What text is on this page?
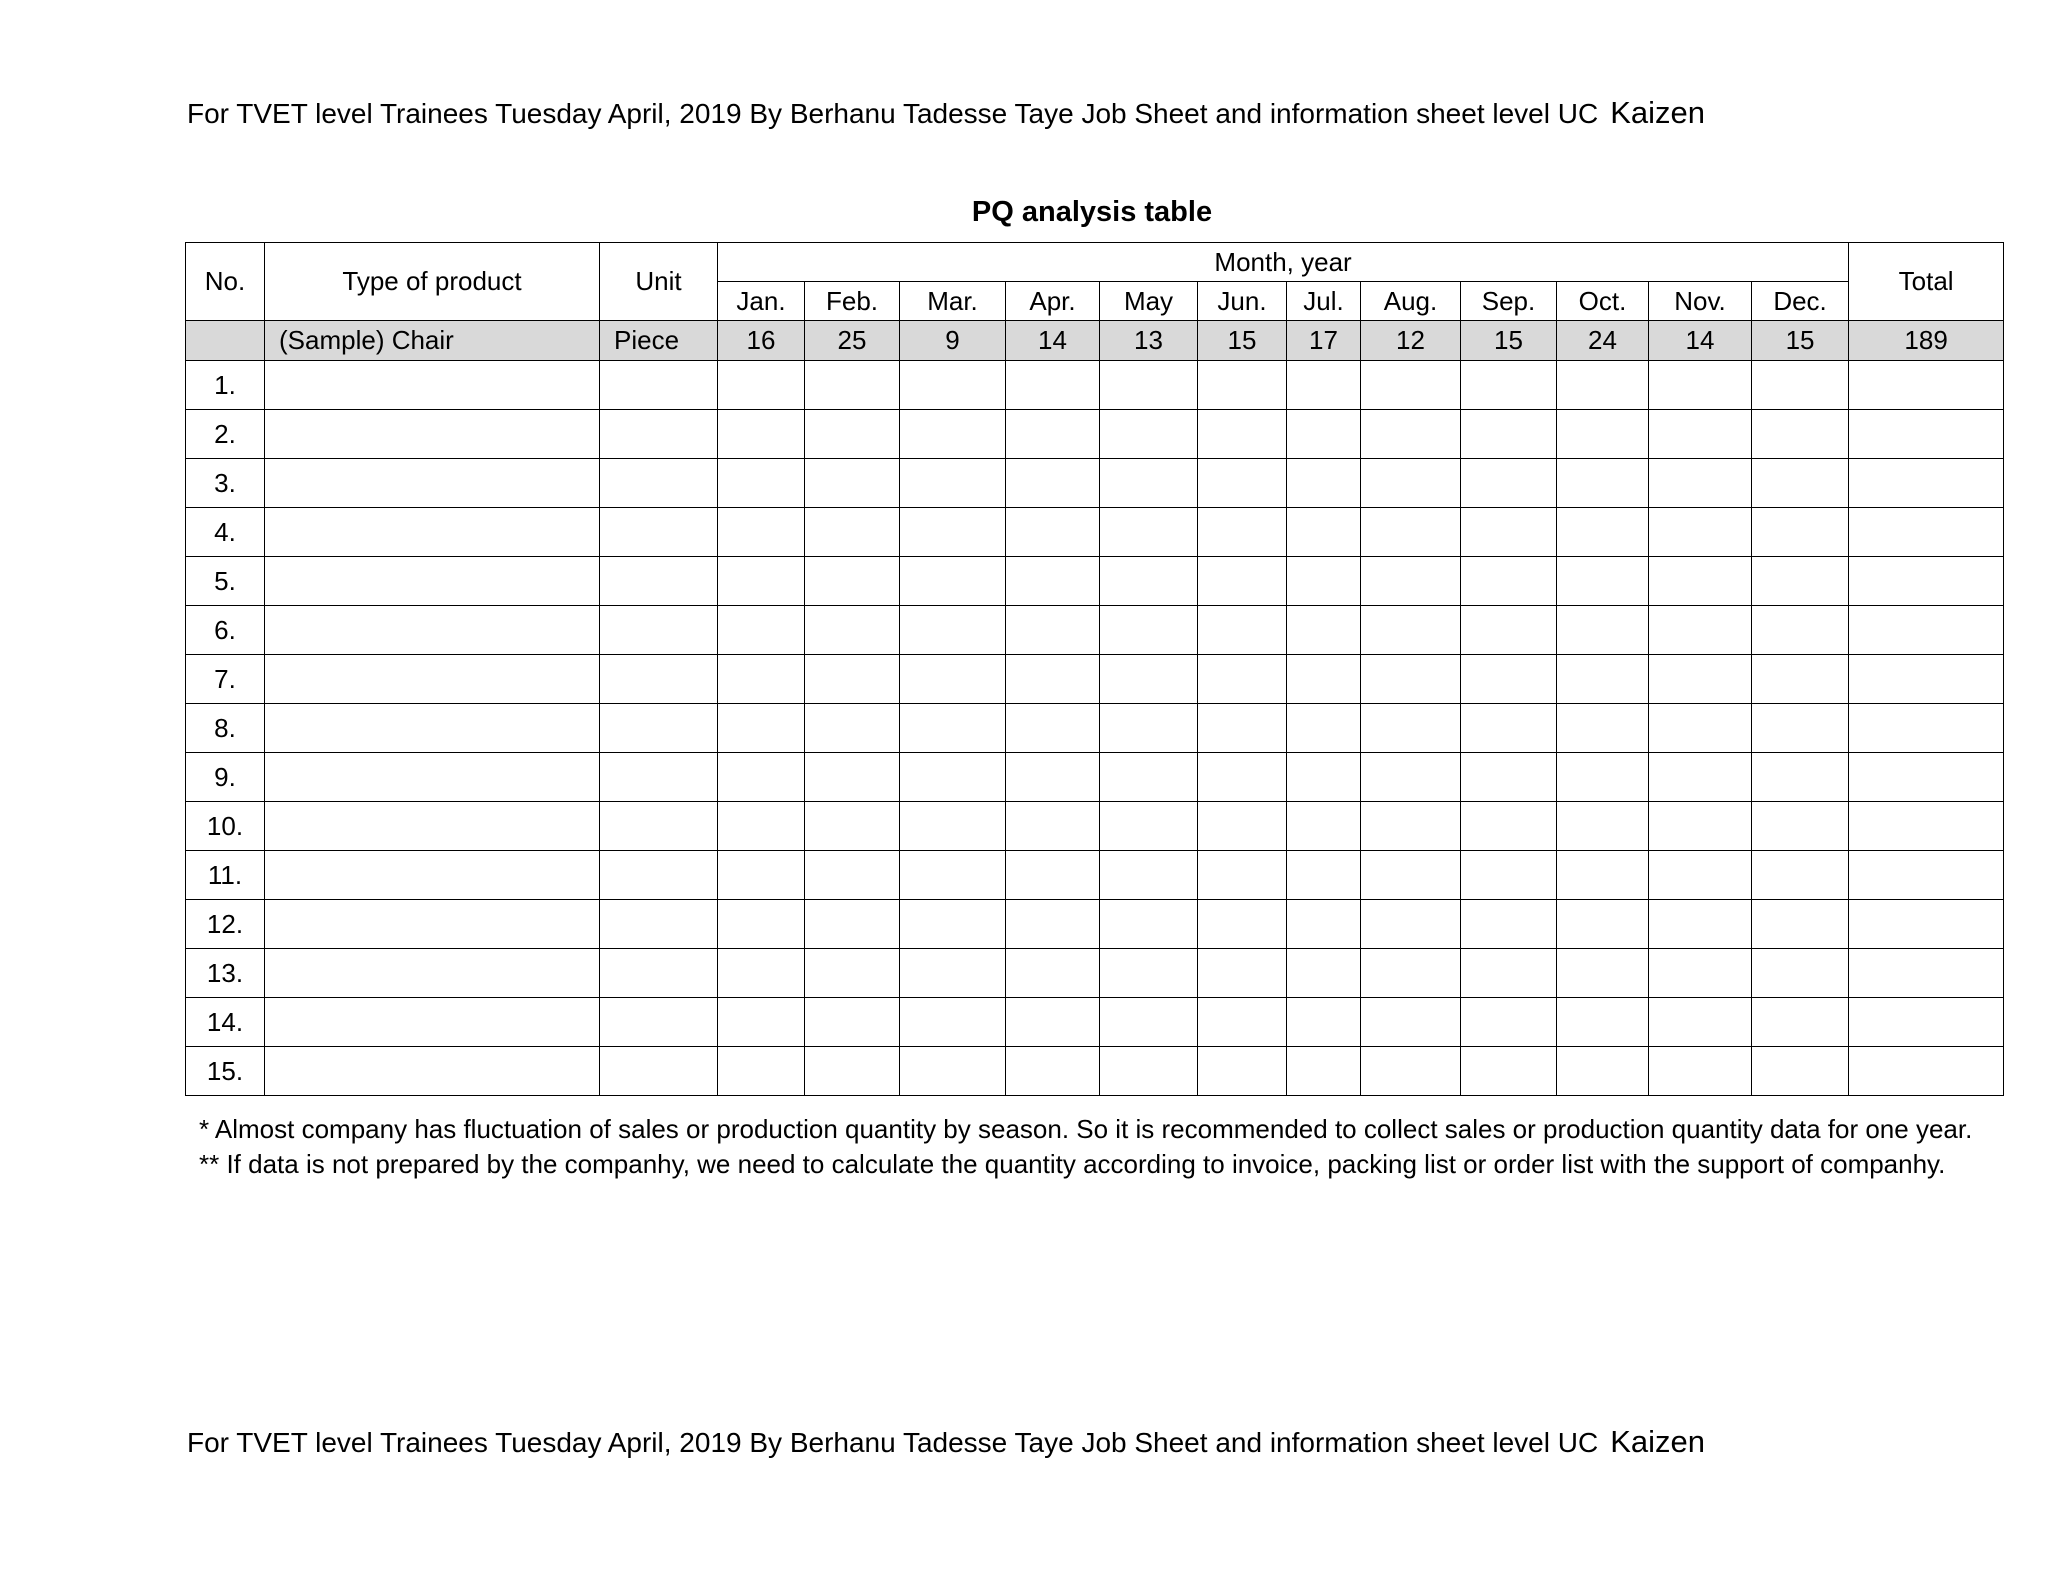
For TVET level Trainees Tuesday April, 2019 By Berhanu Tadesse Taye Job Sheet and information sheet level UC Kaizen
PQ analysis table
No.	Type of product	Unit	Month, year												Total
			Jan.	Feb.	Mar.	Apr.	May	Jun.	Jul.	Aug.	Sep.	Oct.	Nov.	Dec.	
	(Sample) Chair	Piece	16	25	9	14	13	15	17	12	15	24	14	15	189
1.															
2.															
3.															
4.															
5.															
6.															
7.															
8.															
9.															
10.															
11.															
12.															
13.															
14.															
15.															

* Almost company has fluctuation of sales or production quantity by season. So it is recommended to collect sales or production quantity data for one year.

** If data is not prepared by the companhy, we need to calculate the quantity according to invoice, packing list or order list with the support of companhy.

For TVET level Trainees Tuesday April, 2019 By Berhanu Tadesse Taye Job Sheet and information sheet level UC Kaizen
